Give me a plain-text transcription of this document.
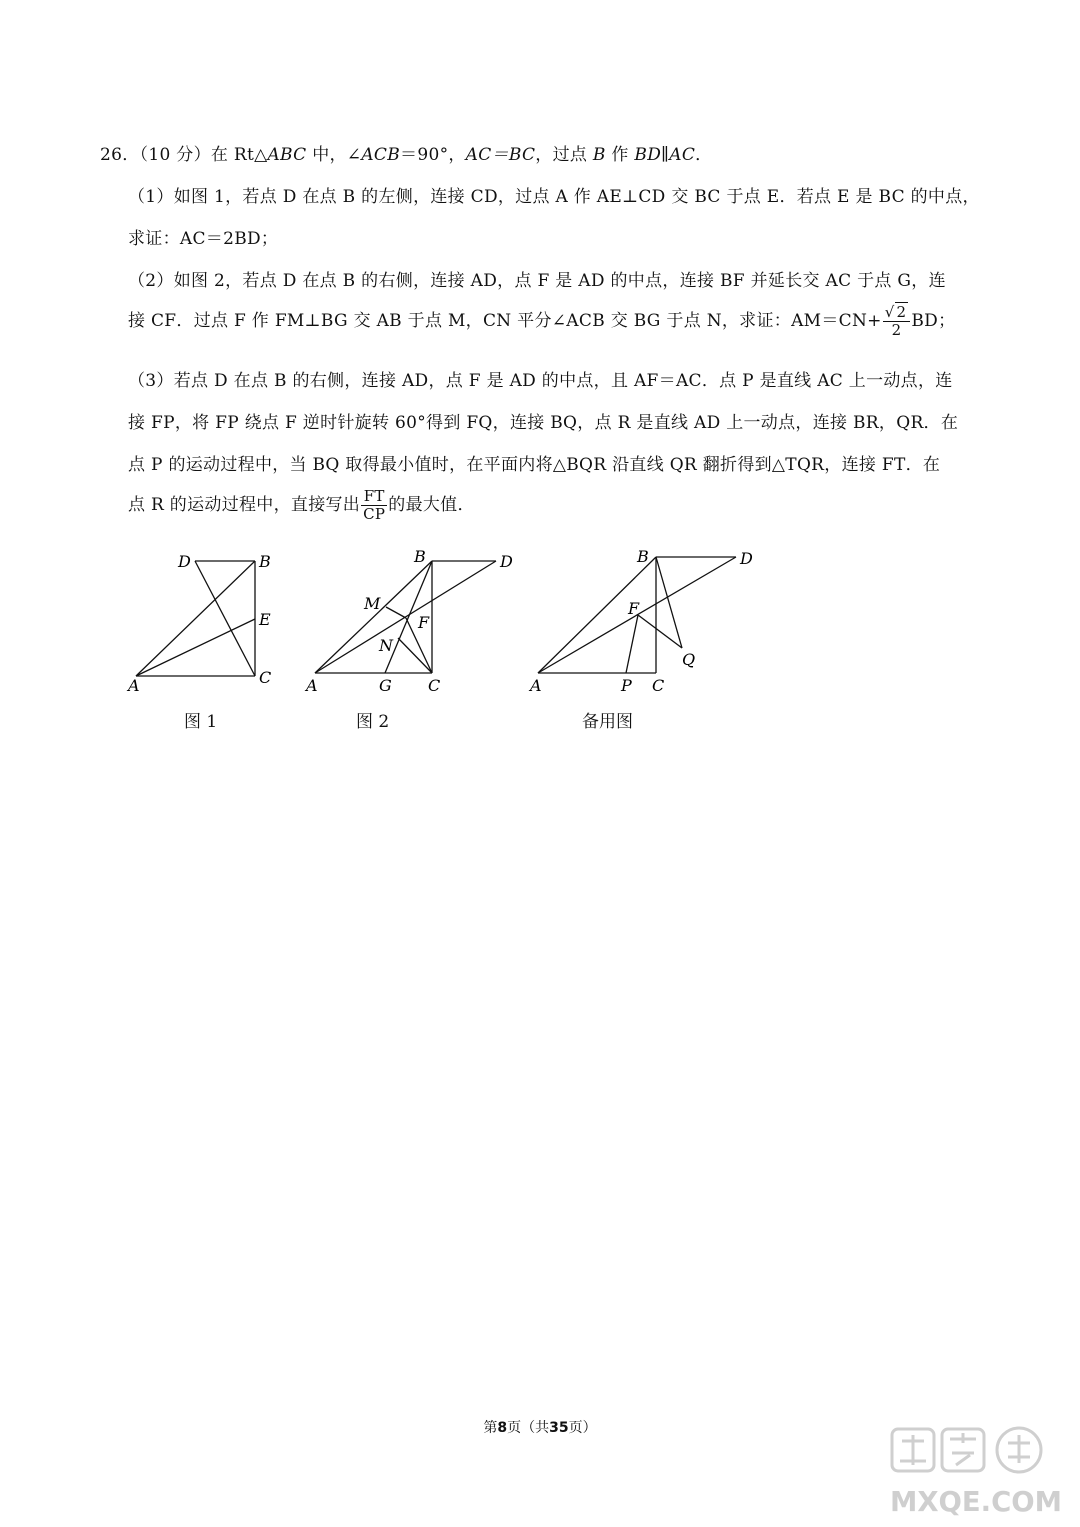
26．（10 分）在 Rt△ABC 中，∠ACB＝90°，AC＝BC，过点 B 作 BD∥AC．
（1）如图 1，若点 D 在点 B 的左侧，连接 CD，过点 A 作 AE⊥CD 交 BC 于点 E．若点 E 是 BC 的中点，
求证：AC＝2BD；
（2）如图 2，若点 D 在点 B 的右侧，连接 AD，点 F 是 AD 的中点，连接 BF 并延长交 AC 于点 G，连
接 CF．过点 F 作 FM⊥BG 交 AB 于点 M，CN 平分∠ACB 交 BG 于点 N，求证：$AM=CN+ \frac{√ 2}{2}$ BD；
（3）若点 D 在点 B 的右侧，连接 AD，点 F 是 AD 的中点，且 AF＝AC．点 P 是直线 AC 上一动点，连
接 FP，将 FP 绕点 F 逆时针旋转 60°得到 FQ，连接 BQ，点 R 是直线 AD 上一动点，连接 BR，QR．在
点 P 的运动过程中，当 BQ 取得最小值时，在平面内将△BQR 沿直线 QR 翻折得到△TQR，连接 FT．在
点 R 的运动过程中，直接写出 $\frac{FT}{CP}$ 的最大值．
D	B
E
A	C
图 1
B	D
M
F
N
A	G C
图 2
B	D
F
Q
A	P C
备用图
第8页（共35页）
MXQE.COM
